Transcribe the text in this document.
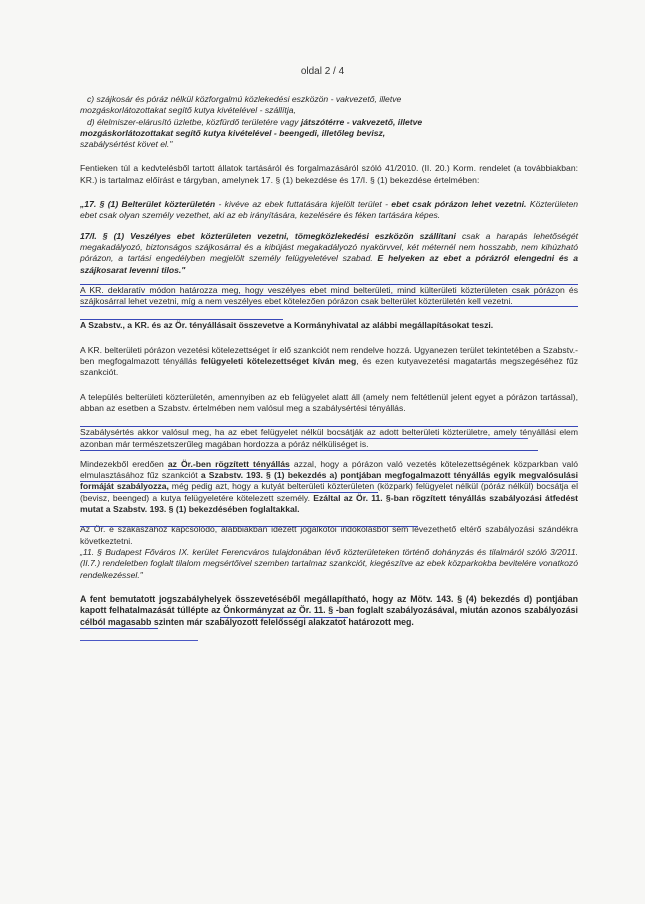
oldal 2 / 4

c) szájkosár és póráz nélkül közforgalmú közlekedési eszközön - vakvezető, illetve

mozgáskorlátozottakat segítő kutya kivételével - szállítja,

d) élelmiszer-elárusító üzletbe, közfürdő területére vagy játszótérre - vakvezető, illetve

mozgáskorlátozottakat segítő kutya kivételével - beengedi, illetőleg bevisz,

szabálysértést követ el."

Fentieken túl a kedvtelésből tartott állatok tartásáról és forgalmazásáról szóló 41/2010. (II. 20.) Korm. rendelet (a továbbiakban: KR.) is tartalmaz előírást e tárgyban, amelynek 17. § (1) bekezdése és 17/I. § (1) bekezdése értelmében:

„17. § (1) Belterület közterületén - kivéve az ebek futtatására kijelölt terület - ebet csak pórázon lehet vezetni. Közterületen ebet csak olyan személy vezethet, aki az eb irányítására, kezelésére és féken tartására képes.

17/I. § (1) Veszélyes ebet közterületen vezetni, tömegközlekedési eszközön szállítani csak a harapás lehetőségét megakadályozó, biztonságos szájkosárral és a kibújást megakadályozó nyakörvvel, két méternél nem hosszabb, nem kihúzható pórázon, a tartási engedélyben megjelölt személy felügyeletével szabad. E helyeken az ebet a pórázról elengedni és a szájkosarat levenni tilos."

A KR. deklaratív módon határozza meg, hogy veszélyes ebet mind belterületi, mind külterületi közterületen csak pórázon és szájkosárral lehet vezetni, míg a nem veszélyes ebet kötelezően pórázon csak belterület közterületén kell vezetni.

A Szabstv., a KR. és az Ör. tényállásait összevetve a Kormányhivatal az alábbi megállapításokat teszi.

A KR. belterületi pórázon vezetési kötelezettséget ír elő szankciót nem rendelve hozzá. Ugyanezen terület tekintetében a Szabstv.-ben megfogalmazott tényállás felügyeleti kötelezettséget kíván meg, és ezen kutyavezetési magatartás megszegéséhez fűz szankciót.

A település belterületi közterületén, amennyiben az eb felügyelet alatt áll (amely nem feltétlenül jelent egyet a pórázon tartással), abban az esetben a Szabstv. értelmében nem valósul meg a szabálysértési tényállás.

Szabálysértés akkor valósul meg, ha az ebet felügyelet nélkül bocsátják az adott belterületi közterületre, amely tényállási elem azonban már természetszerűleg magában hordozza a póráz nélküliséget is.

Mindezekből eredően az Ör.-ben rögzített tényállás azzal, hogy a pórázon való vezetés kötelezettségének közparkban való elmulasztásához fűz szankciót a Szabstv. 193. § (1) bekezdés a) pontjában megfogalmazott tényállás egyik megvalósulási formáját szabályozza, még pedig azt, hogy a kutyát belterületi közterületen (közpark) felügyelet nélkül (póráz nélkül) bocsátja el (bevisz, beenged) a kutya felügyeletére kötelezett személy. Ezáltal az Ör. 11. §-ban rögzített tényállás szabályozási átfedést mutat a Szabstv. 193. § (1) bekezdésében foglaltakkal.

Az Ör. e szakaszához kapcsolódó, alábbiakban idézett jogalkotói indokolásból sem levezethető eltérő szabályozási szándékra következtetni.

„11. § Budapest Főváros IX. kerület Ferencváros tulajdonában lévő közterületeken történő dohányzás és tilalmáról szóló 3/2011. (II.7.) rendeletben foglalt tilalom megsértőivel szemben tartalmaz szankciót, kiegészítve az ebek közparkokba bevitelére vonatkozó rendelkezéssel."

A fent bemutatott jogszabályhelyek összevetéséből megállapítható, hogy az Mötv. 143. § (4) bekezdés d) pontjában kapott felhatalmazását túllépte az Önkormányzat az Ör. 11. § -ban foglalt szabályozásával, miután azonos szabályozási célból magasabb szinten már szabályozott felelősségi alakzatot határozott meg.
